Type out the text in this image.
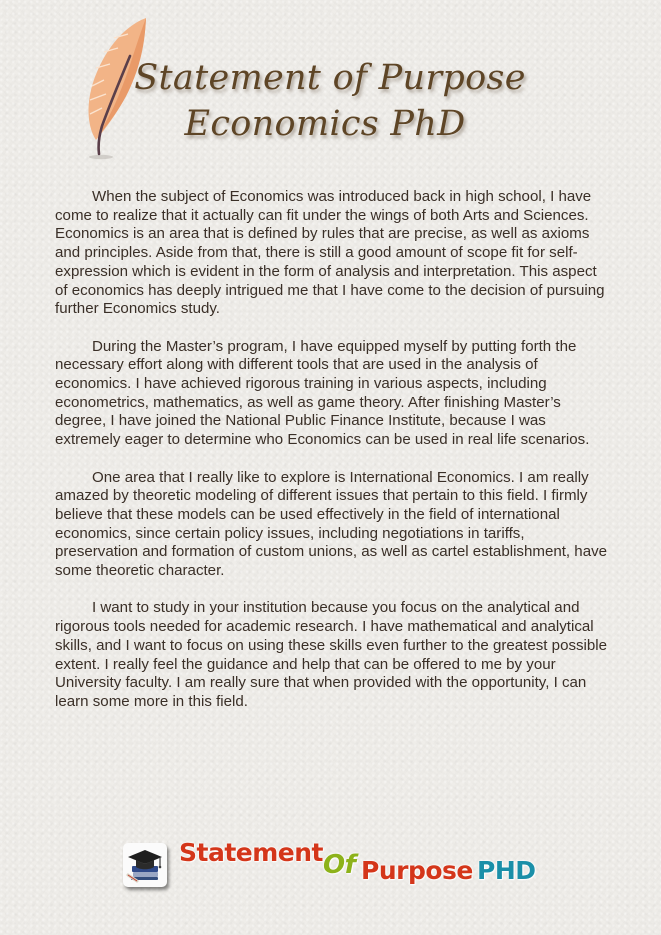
Statement of Purpose
Economics PhD

When the subject of Economics was introduced back in high school, I have come to realize that it actually can fit under the wings of both Arts and Sciences. Economics is an area that is defined by rules that are precise, as well as axioms and principles. Aside from that, there is still a good amount of scope fit for self-expression which is evident in the form of analysis and interpretation. This aspect of economics has deeply intrigued me that I have come to the decision of pursuing further Economics study.

During the Master’s program, I have equipped myself by putting forth the necessary effort along with different tools that are used in the analysis of economics. I have achieved rigorous training in various aspects, including econometrics, mathematics, as well as game theory. After finishing Master’s degree, I have joined the National Public Finance Institute, because I was extremely eager to determine who Economics can be used in real life scenarios.

One area that I really like to explore is International Economics. I am really amazed by theoretic modeling of different issues that pertain to this field. I firmly believe that these models can be used effectively in the field of international economics, since certain policy issues, including negotiations in tariffs, preservation and formation of custom unions, as well as cartel establishment, have some theoretic character.

I want to study in your institution because you focus on the analytical and rigorous tools needed for academic research. I have mathematical and analytical skills, and I want to focus on using these skills even further to the greatest possible extent. I really feel the guidance and help that can be offered to me by your University faculty. I am really sure that when provided with the opportunity, I can learn some more in this field.

Statement Of Purpose PHD
